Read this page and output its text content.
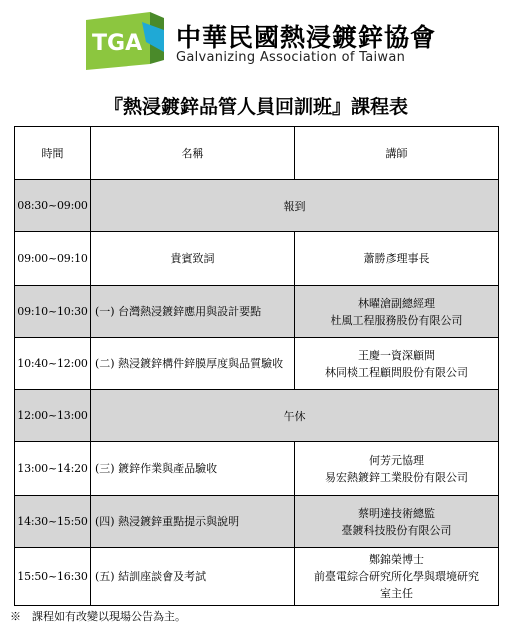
TGA 中華民國熱浸鍍鋅協會
Galvanizing Association of Taiwan
『熱浸鍍鋅品管人員回訓班』課程表
時間	名稱	講師
08:30~09:00	報到	
09:00~09:10	貴賓致詞	蕭勝彥理事長

09:10~10:30	(一) 台灣熱浸鍍鋅應用與設計要點	林曜滄副總經理
杜風工程服務股份有限公司

10:40~12:00	(二) 熱浸鍍鋅構件鋅膜厚度與品質驗收	王慶一資深顧問
林同棪工程顧問股份有限公司

12:00~13:00	午休	
13:00~14:20	(三) 鍍鋅作業與產品驗收	何芳元協理
易宏熱鍍鋅工業股份有限公司

14:30~15:50	(四) 熱浸鍍鋅重點提示與說明	蔡明達技術總監
臺鍍科技股份有限公司

15:50~16:30	(五) 結訓座談會及考試	鄭錦榮博士
前臺電綜合研究所化學與環境研究
室主任
※　課程如有改變以現場公告為主。
